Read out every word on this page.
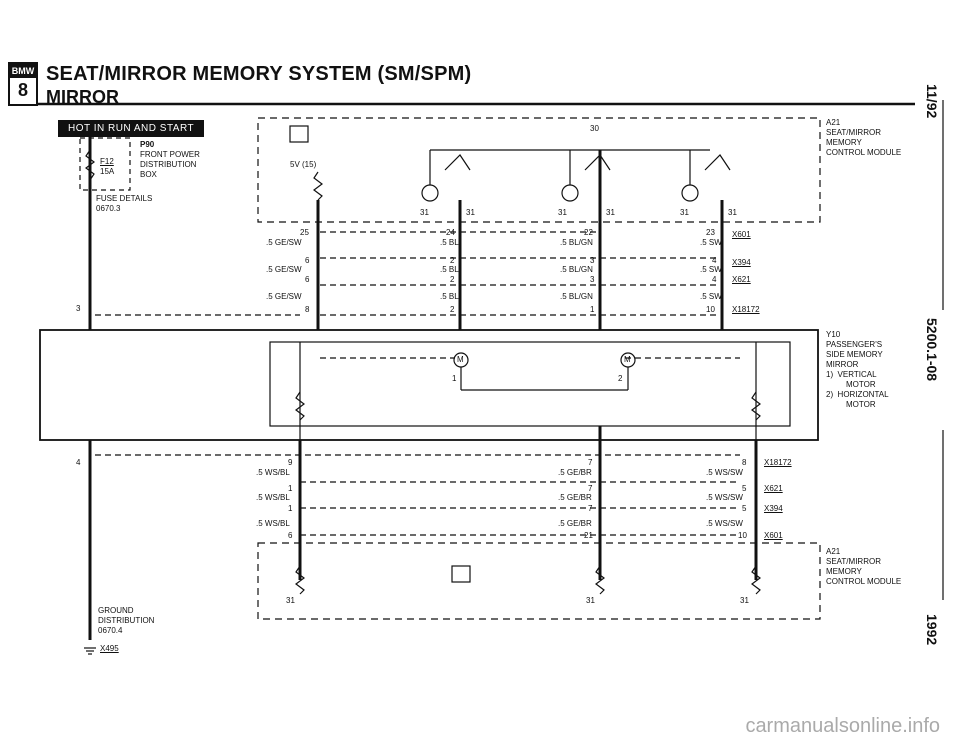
BMW
8
SEAT/MIRROR MEMORY SYSTEM (SM/SPM)
MIRROR
HOT IN RUN AND START
P90
FRONT POWER
DISTRIBUTION
BOX
F12
15A
FUSE DETAILS
0670.3
3
5V (15)
30
31	31	31	31	31	31
A21
SEAT/MIRROR
MEMORY
CONTROL MODULE
25
.5 GE/SW
6
.5 GE/SW
6
.5 GE/SW
8
24
.5 BL
2
.5 BL
2
.5 BL
2
22
.5 BL/GN
3
.5 BL/GN
3
.5 BL/GN
1
23
.5 SW
4
.5 SW
4
.5 SW
10
X601
X394
X621
X18172
M	M
1	2
Y10
PASSENGER'S
SIDE MEMORY
MIRROR
1)  VERTICAL
MOTOR
2)  HORIZONTAL
MOTOR
4	9
.5 WS/BL
1
.5 WS/BL
1
.5 WS/BL
6
7
.5 GE/BR
7
.5 GE/BR
7
.5 GE/BR
21
8
.5 WS/SW
5
.5 WS/SW
5
.5 WS/SW
10
X18172
X621
X394
X601
31	31	31
A21
SEAT/MIRROR
MEMORY
CONTROL MODULE
GROUND
DISTRIBUTION
0670.4
X495
11/92
5200.1-08
1992
carmanualsonline.info
